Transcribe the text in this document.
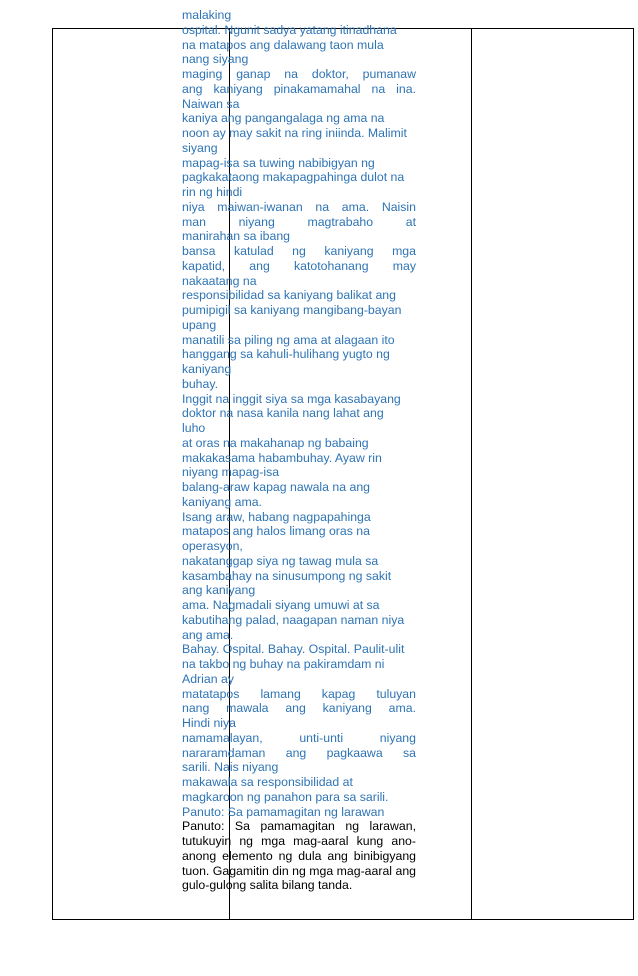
malaking
ospital. Ngunit sadya yatang itinadhana
na matapos ang dalawang taon mula
nang siyang
maging ganap na doktor, pumanaw
ang kaniyang pinakamamahal na ina.
Naiwan sa
kaniya ang pangangalaga ng ama na
noon ay may sakit na ring iniinda. Malimit
siyang
mapag-isa sa tuwing nabibigyan ng
pagkakataong makapagpahinga dulot na
rin ng hindi
niya maiwan-iwanan na ama. Naisin
man niyang magtrabaho at
manirahan sa ibang
bansa katulad ng kaniyang mga
kapatid, ang katotohanang may
nakaatang na
responsibilidad sa kaniyang balikat ang
pumipigil sa kaniyang mangibang-bayan
upang
manatili sa piling ng ama at alagaan ito
hanggang sa kahuli-hulihang yugto ng
kaniyang
buhay.
Inggit na inggit siya sa mga kasabayang
doktor na nasa kanila nang lahat ang
luho
at oras na makahanap ng babaing
makakasama habambuhay. Ayaw rin
niyang mapag-isa
balang-araw kapag nawala na ang
kaniyang ama.
Isang araw, habang nagpapahinga
matapos ang halos limang oras na
operasyon,
nakatanggap siya ng tawag mula sa
kasambahay na sinusumpong ng sakit
ang kaniyang
ama. Nagmadali siyang umuwi at sa
kabutihang palad, naagapan naman niya
ang ama.
Bahay. Ospital. Bahay. Ospital. Paulit-ulit
na takbo ng buhay na pakiramdam ni
Adrian ay
matatapos lamang kapag tuluyan
nang mawala ang kaniyang ama.
Hindi niya
namamalayan, unti-unti niyang
nararamdaman ang pagkaawa sa
sarili. Nais niyang
makawala sa responsibilidad at
magkaroon ng panahon para sa sarili.
Panuto: Sa pamamagitan ng larawan

Panuto: Sa pamamagitan ng larawan, tutukuyin ng mga mag-aaral kung ano-anong elemento ng dula ang binibigyang tuon. Gagamitin din ng mga mag-aaral ang gulo-gulong salita bilang tanda.
